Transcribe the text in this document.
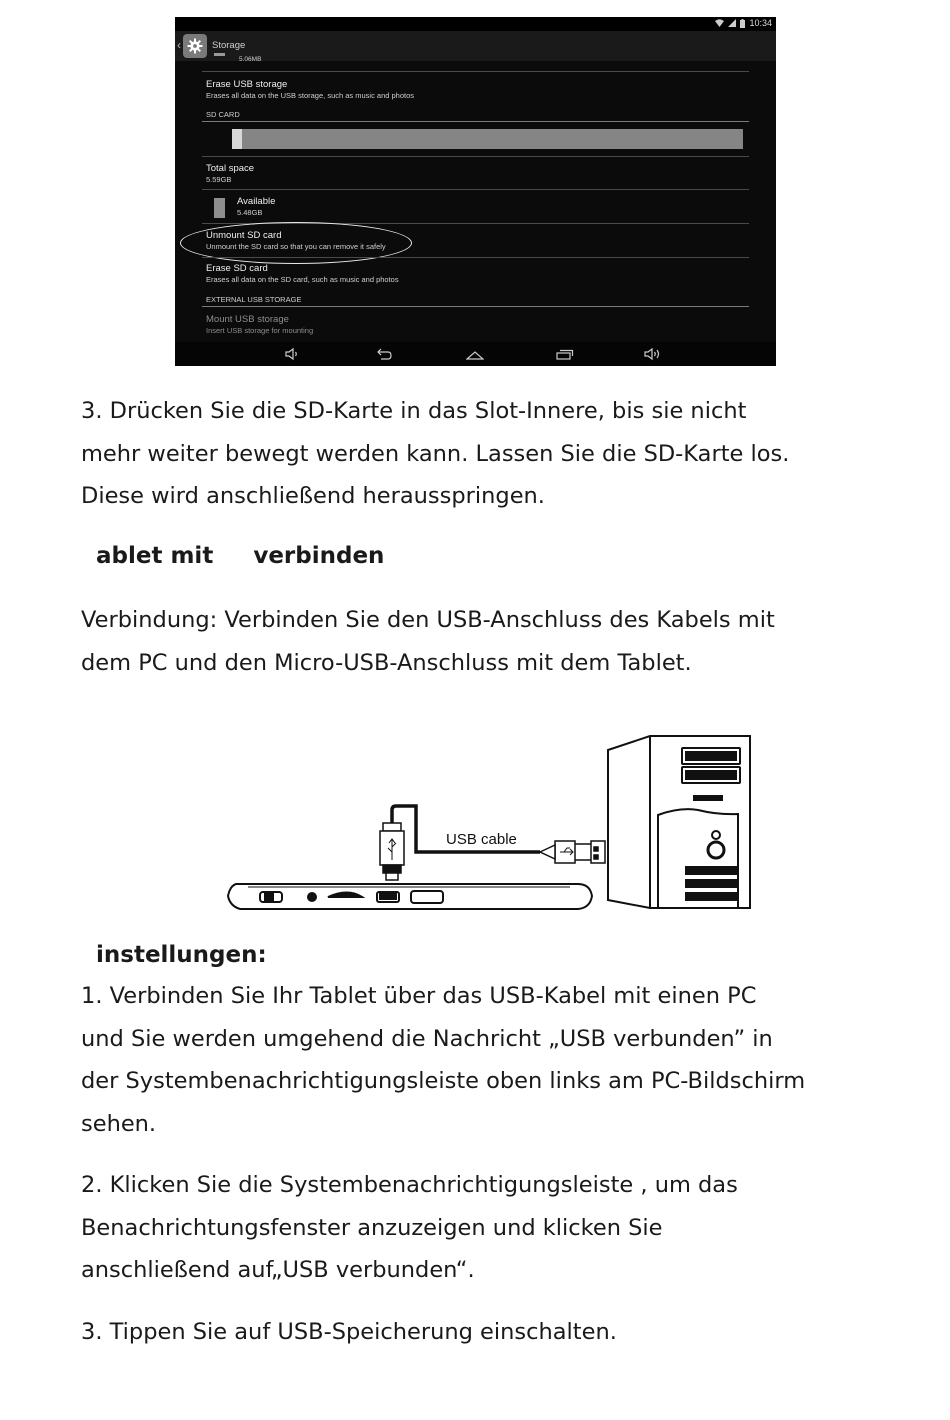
10:34
‹	Storage
5.06MB
Erase USB storage
Erases all data on the USB storage, such as music and photos
SD CARD
Total space
5.59GB
Available
5.48GB
Unmount SD card
Unmount the SD card so that you can remove it safely
Erase SD card
Erases all data on the SD card, such as music and photos
EXTERNAL USB STORAGE
Mount USB storage
Insert USB storage for mounting
3. Drücken Sie die SD-Karte in das Slot-Innere, bis sie nicht
mehr weiter bewegt werden kann. Lassen Sie die SD-Karte los.
Diese wird anschließend herausspringen.
ablet mit verbinden
Verbindung: Verbinden Sie den USB-Anschluss des Kabels mit
dem PC und den Micro-USB-Anschluss mit dem Tablet.
USB cable
instellungen:
1. Verbinden Sie Ihr Tablet über das USB-Kabel mit einen PC
und Sie werden umgehend die Nachricht „USB verbunden” in
der Systembenachrichtigungsleiste oben links am PC-Bildschirm
sehen.
2. Klicken Sie die Systembenachrichtigungsleiste , um das
Benachrichtungsfenster anzuzeigen und klicken Sie
anschließend auf„USB verbunden“.
3. Tippen Sie auf USB-Speicherung einschalten.
